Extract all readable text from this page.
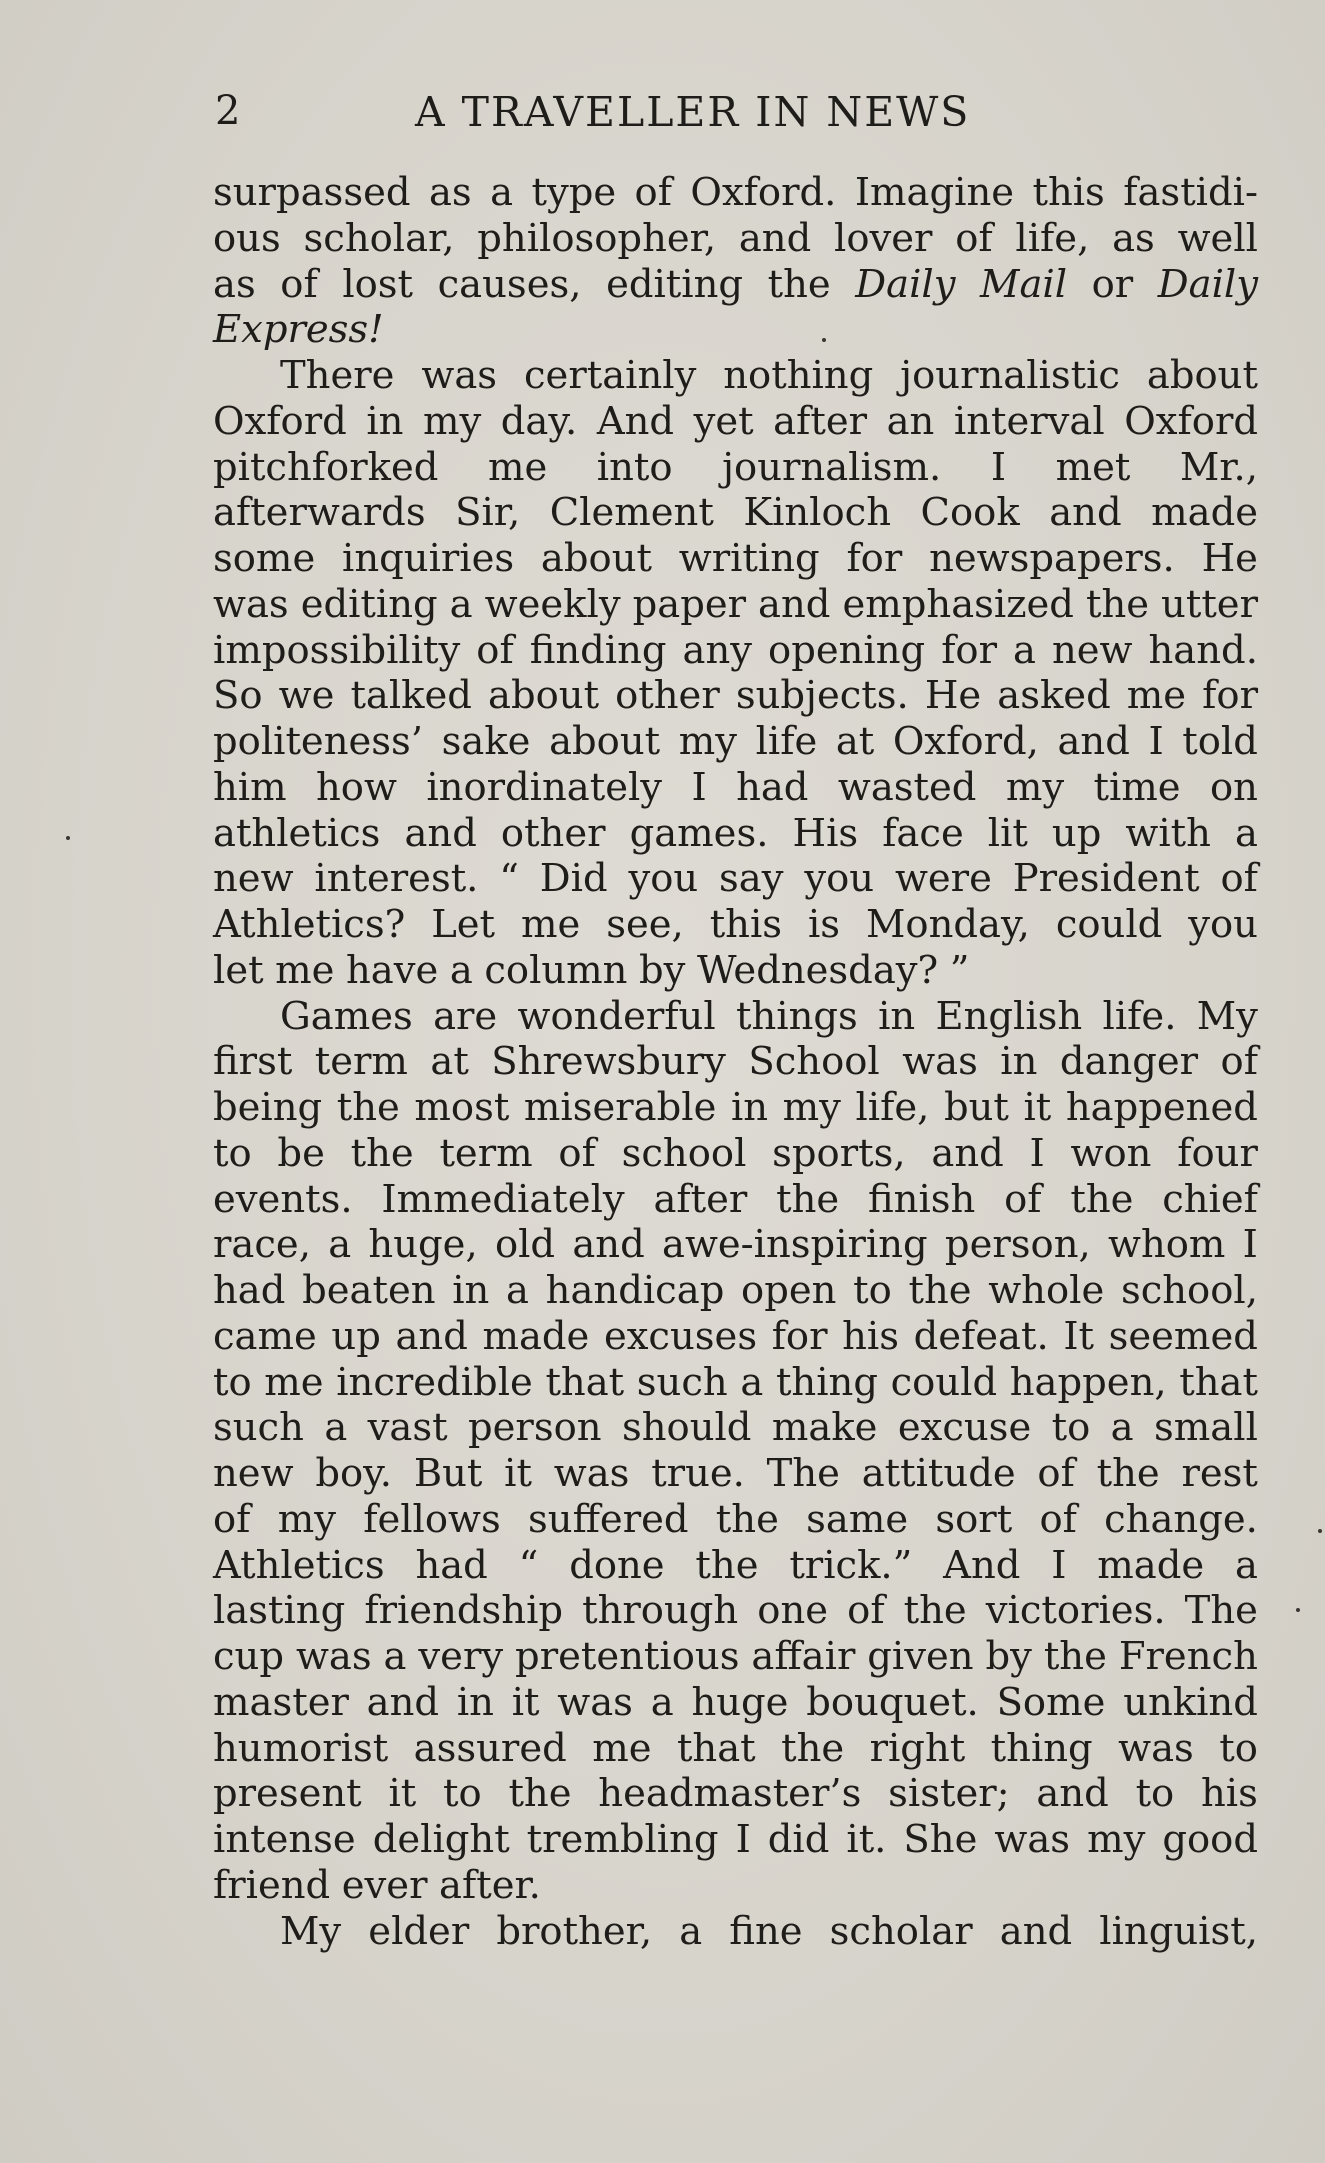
2	A TRAVELLER IN NEWS
surpassed as a type of Oxford. Imagine this fastidi-
ous scholar, philosopher, and lover of life, as well
as of lost causes, editing the Daily Mail or Daily
Express!
There was certainly nothing journalistic about
Oxford in my day. And yet after an interval Oxford
pitchforked me into journalism. I met Mr.,
afterwards Sir, Clement Kinloch Cook and made
some inquiries about writing for newspapers. He
was editing a weekly paper and emphasized the utter
impossibility of finding any opening for a new hand.
So we talked about other subjects. He asked me for
politeness’ sake about my life at Oxford, and I told
him how inordinately I had wasted my time on
athletics and other games. His face lit up with a
new interest. “ Did you say you were President of
Athletics? Let me see, this is Monday, could you
let me have a column by Wednesday? ”
Games are wonderful things in English life. My
first term at Shrewsbury School was in danger of
being the most miserable in my life, but it happened
to be the term of school sports, and I won four
events. Immediately after the finish of the chief
race, a huge, old and awe-inspiring person, whom I
had beaten in a handicap open to the whole school,
came up and made excuses for his defeat. It seemed
to me incredible that such a thing could happen, that
such a vast person should make excuse to a small
new boy. But it was true. The attitude of the rest
of my fellows suffered the same sort of change.
Athletics had “ done the trick.” And I made a
lasting friendship through one of the victories. The
cup was a very pretentious affair given by the French
master and in it was a huge bouquet. Some unkind
humorist assured me that the right thing was to
present it to the headmaster’s sister; and to his
intense delight trembling I did it. She was my good
friend ever after.
My elder brother, a fine scholar and linguist,
